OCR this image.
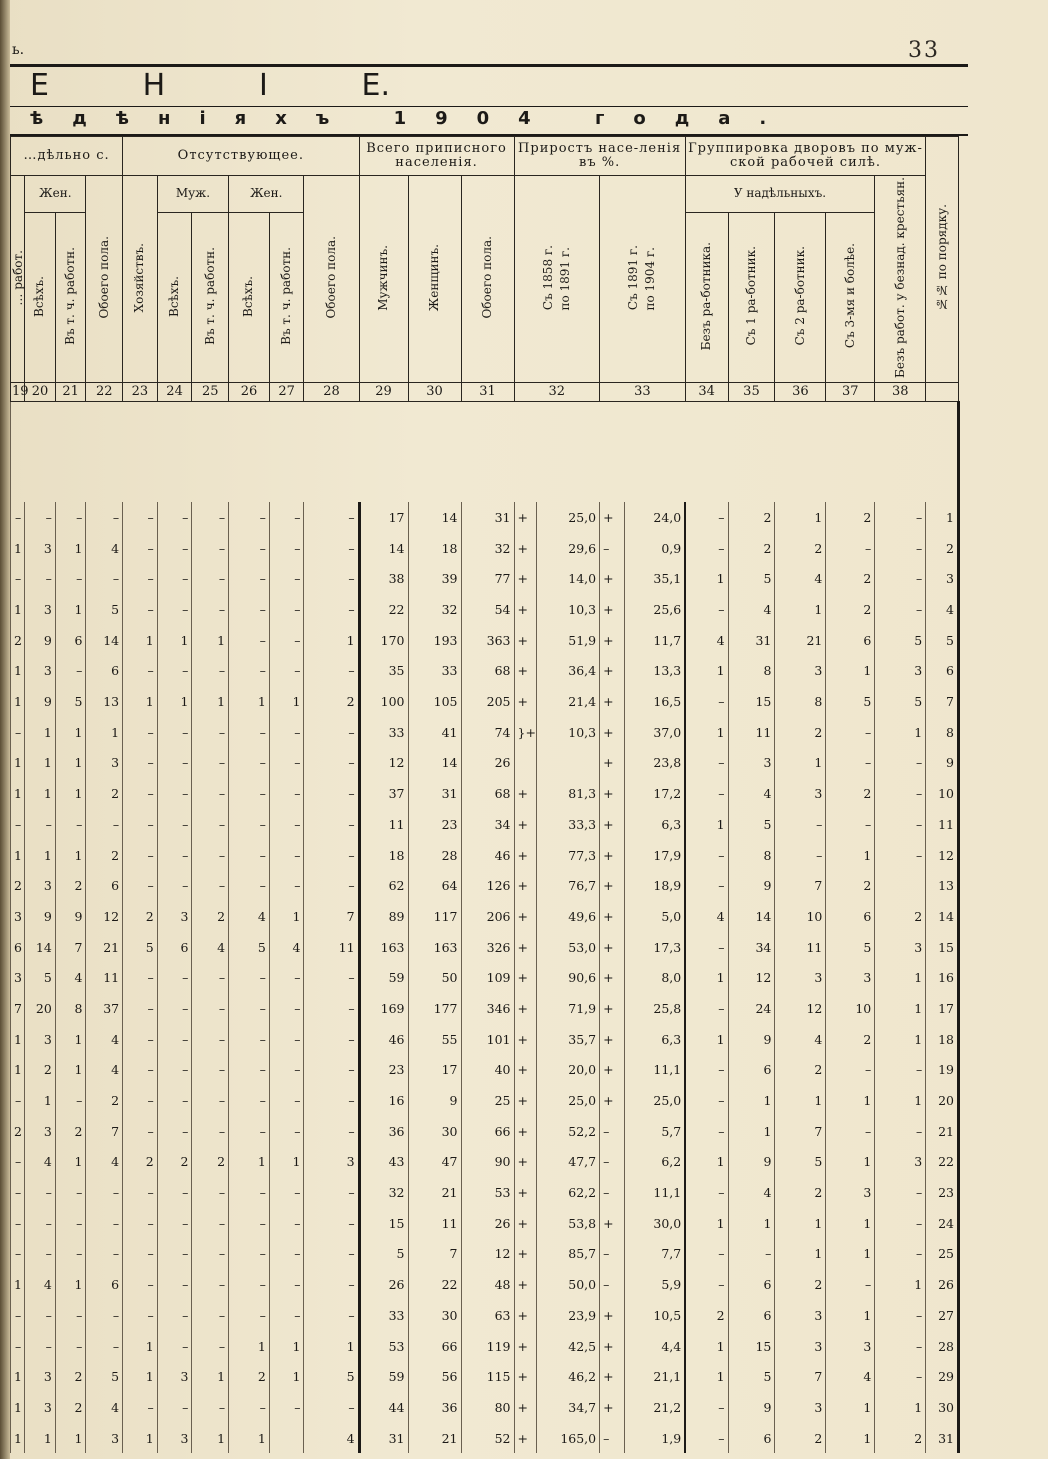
ь.	33
Е	Н	І	Е.
ѣдѣніяхъ 1904 года.
…дѣльно с.				Отсутствующее.						Всего приписного населенія.			Приростъ насе-ленія въ %.				Группировка дворовъ по муж-ской рабочей силѣ.					№№ по порядку.
… работ.	Жен.		Обоего пола.	Хозяйствъ.	Муж.		Жен.		Обоего пола.	Мужчинъ.	Женщинъ.	Обоего пола.	Съ 1858 г. по 1891 г.		Съ 1891 г. по 1904 г.		У надѣльныхъ.				Безъ работ. у безнад. крестьян.	
	Всѣхъ.	Въ т. ч. работн.			Всѣхъ.	Въ т. ч. работн.	Всѣхъ.	Въ т. ч. работн.									Безъ ра-ботника.	Съ 1 ра-ботник.	Съ 2 ра-ботник.	Съ 3-мя и болѣе.		
19	20	21	22	23	24	25	26	27	28	29	30	31	32		33		34	35	36	37	38	

–	–	–	–	–	–	–	–	–	–	17	14	31	+	25,0	+	24,0	–	2	1	2	–	1
1	3	1	4	–	–	–	–	–	–	14	18	32	+	29,6	–	0,9	–	2	2	–	–	2
–	–	–	–	–	–	–	–	–	–	38	39	77	+	14,0	+	35,1	1	5	4	2	–	3
1	3	1	5	–	–	–	–	–	–	22	32	54	+	10,3	+	25,6	–	4	1	2	–	4
2	9	6	14	1	1	1	–	–	1	170	193	363	+	51,9	+	11,7	4	31	21	6	5	5
1	3	–	6	–	–	–	–	–	–	35	33	68	+	36,4	+	13,3	1	8	3	1	3	6
1	9	5	13	1	1	1	1	1	2	100	105	205	+	21,4	+	16,5	–	15	8	5	5	7
–	1	1	1	–	–	–	–	–	–	33	41	74	}+	10,3	+	37,0	1	11	2	–	1	8
1	1	1	3	–	–	–	–	–	–	12	14	26			+	23,8	–	3	1	–	–	9
1	1	1	2	–	–	–	–	–	–	37	31	68	+	81,3	+	17,2	–	4	3	2	–	10
–	–	–	–	–	–	–	–	–	–	11	23	34	+	33,3	+	6,3	1	5	–	–	–	11
1	1	1	2	–	–	–	–	–	–	18	28	46	+	77,3	+	17,9	–	8	–	1	–	12
2	3	2	6	–	–	–	–	–	–	62	64	126	+	76,7	+	18,9	–	9	7	2		13
3	9	9	12	2	3	2	4	1	7	89	117	206	+	49,6	+	5,0	4	14	10	6	2	14
6	14	7	21	5	6	4	5	4	11	163	163	326	+	53,0	+	17,3	–	34	11	5	3	15
3	5	4	11	–	–	–	–	–	–	59	50	109	+	90,6	+	8,0	1	12	3	3	1	16
7	20	8	37	–	–	–	–	–	–	169	177	346	+	71,9	+	25,8	–	24	12	10	1	17
1	3	1	4	–	–	–	–	–	–	46	55	101	+	35,7	+	6,3	1	9	4	2	1	18
1	2	1	4	–	–	–	–	–	–	23	17	40	+	20,0	+	11,1	–	6	2	–	–	19
–	1	–	2	–	–	–	–	–	–	16	9	25	+	25,0	+	25,0	–	1	1	1	1	20
2	3	2	7	–	–	–	–	–	–	36	30	66	+	52,2	–	5,7	–	1	7	–	–	21
–	4	1	4	2	2	2	1	1	3	43	47	90	+	47,7	–	6,2	1	9	5	1	3	22
–	–	–	–	–	–	–	–	–	–	32	21	53	+	62,2	–	11,1	–	4	2	3	–	23
–	–	–	–	–	–	–	–	–	–	15	11	26	+	53,8	+	30,0	1	1	1	1	–	24
–	–	–	–	–	–	–	–	–	–	5	7	12	+	85,7	–	7,7	–	–	1	1	–	25
1	4	1	6	–	–	–	–	–	–	26	22	48	+	50,0	–	5,9	–	6	2	–	1	26
–	–	–	–	–	–	–	–	–	–	33	30	63	+	23,9	+	10,5	2	6	3	1	–	27
–	–	–	–	1	–	–	1	1	1	53	66	119	+	42,5	+	4,4	1	15	3	3	–	28
1	3	2	5	1	3	1	2	1	5	59	56	115	+	46,2	+	21,1	1	5	7	4	–	29
1	3	2	4	–	–	–	–	–	–	44	36	80	+	34,7	+	21,2	–	9	3	1	1	30
1	1	1	3	1	3	1	1		4	31	21	52	+	165,0	–	1,9	–	6	2	1	2	31
